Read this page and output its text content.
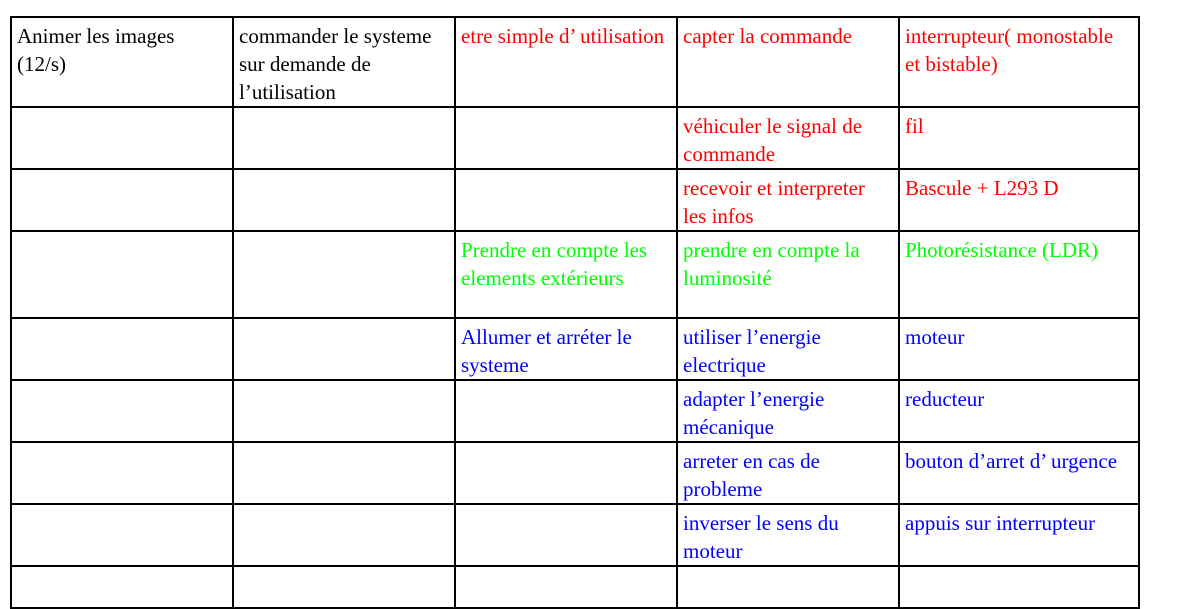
Animer les images (12/s)	commander le systeme sur demande de l’utilisation	etre simple d’ utilisation	capter la commande	interrupteur( monostable et bistable)
			véhiculer le signal de commande	fil
			recevoir et interpreter les infos	Bascule + L293 D
		Prendre en compte les elements extérieurs	prendre en compte la luminosité	Photorésistance (LDR)
		Allumer et arréter le systeme	utiliser l’energie electrique	moteur
			adapter l’energie mécanique	reducteur
			arreter en cas de probleme	bouton d’arret d’ urgence
			inverser le sens du moteur	appuis sur interrupteur
